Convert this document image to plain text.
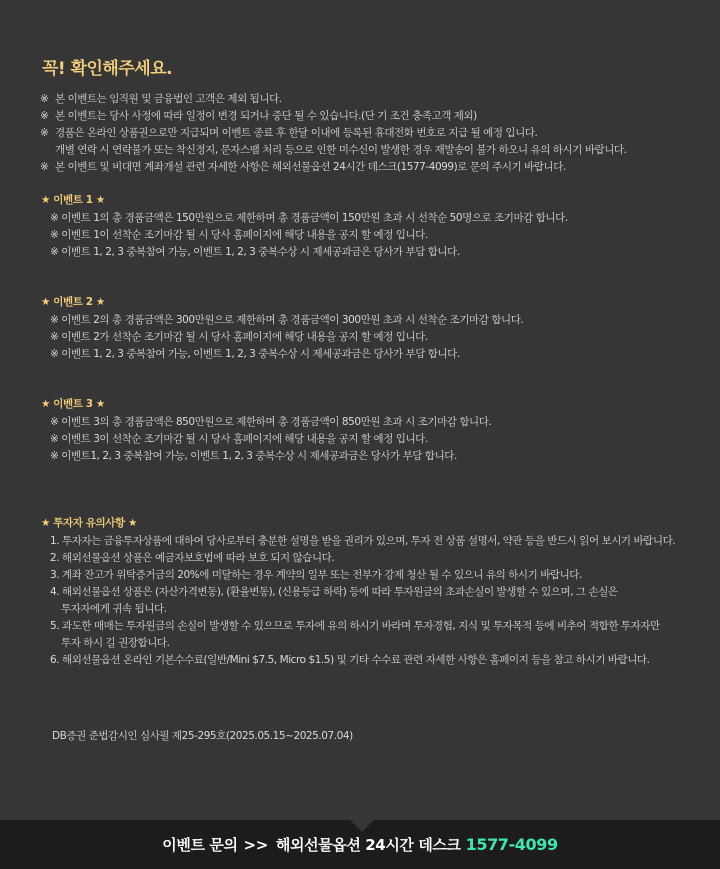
꼭! 확인해주세요.
※ 본 이벤트는 임직원 및 금융법인 고객은 제외 됩니다.
※ 본 이벤트는 당사 사정에 따라 일정이 변경 되거나 중단 될 수 있습니다.(단 기 조건 충족고객 제외)
※ 경품은 온라인 상품권으로만 지급되며 이벤트 종료 후 한달 이내에 등록된 휴대전화 번호로 지급 될 예정 입니다.
개별 연락 시 연락불가 또는 착신정지, 문자스팸 처리 등으로 인한 미수신이 발생한 경우 재발송이 불가 하오니 유의 하시기 바랍니다.
※ 본 이벤트 및 비대면 계좌개설 관련 자세한 사항은 해외선물옵션 24시간 데스크(1577-4099)로 문의 주시기 바랍니다.
★ 이벤트 1 ★
※ 이벤트 1의 총 경품금액은 150만원으로 제한하며 총 경품금액이 150만원 초과 시 선착순 50명으로 조기마감 합니다.
※ 이벤트 1이 선착순 조기마감 될 시 당사 홈페이지에 해당 내용을 공지 할 예정 입니다.
※ 이벤트 1, 2, 3 중복참여 가능, 이벤트 1, 2, 3 중복수상 시 제세공과금은 당사가 부담 합니다.
★ 이벤트 2 ★
※ 이벤트 2의 총 경품금액은 300만원으로 제한하며 총 경품금액이 300만원 초과 시 선착순 조기마감 합니다.
※ 이벤트 2가 선착순 조기마감 될 시 당사 홈페이지에 해당 내용을 공지 할 예정 입니다.
※ 이벤트 1, 2, 3 중복참여 가능, 이벤트 1, 2, 3 중복수상 시 제세공과금은 당사가 부담 합니다.
★ 이벤트 3 ★
※ 이벤트 3의 총 경품금액은 850만원으로 제한하며 총 경품금액이 850만원 초과 시 조기마감 합니다.
※ 이벤트 3이 선착순 조기마감 될 시 당사 홈페이지에 해당 내용을 공지 할 예정 입니다.
※ 이벤트1, 2, 3 중복참여 가능, 이벤트 1, 2, 3 중복수상 시 제세공과금은 당사가 부담 합니다.
★ 투자자 유의사항 ★
1. 투자자는 금융투자상품에 대하여 당사로부터 충분한 설명을 받을 권리가 있으며, 투자 전 상품 설명서, 약관 등을 반드시 읽어 보시기 바랍니다.
2. 해외선물옵션 상품은 예금자보호법에 따라 보호 되지 않습니다.
3. 계좌 잔고가 위탁증거금의 20%에 미달하는 경우 계약의 일부 또는 전부가 강제 청산 될 수 있으니 유의 하시기 바랍니다.
4. 해외선물옵션 상품은 (자산가격변동), (환율변동), (신용등급 하락) 등에 따라 투자원금의 초과손실이 발생할 수 있으며, 그 손실은
투자자에게 귀속 됩니다.
5. 과도한 매매는 투자원금의 손실이 발생할 수 있으므로 투자에 유의 하시기 바라며 투자경험, 지식 및 투자목적 등에 비추어 적합한 투자자만
투자 하시 길 권장합니다.
6. 해외선물옵션 온라인 기본수수료(일반/Mini $7.5, Micro $1.5) 및 기타 수수료 관련 자세한 사항은 홈페이지 등을 참고 하시기 바랍니다.
DB증권 준법감시인 심사필 제25-295호(2025.05.15~2025.07.04)
이벤트 문의 >> 해외선물옵션 24시간 데스크 1577-4099
